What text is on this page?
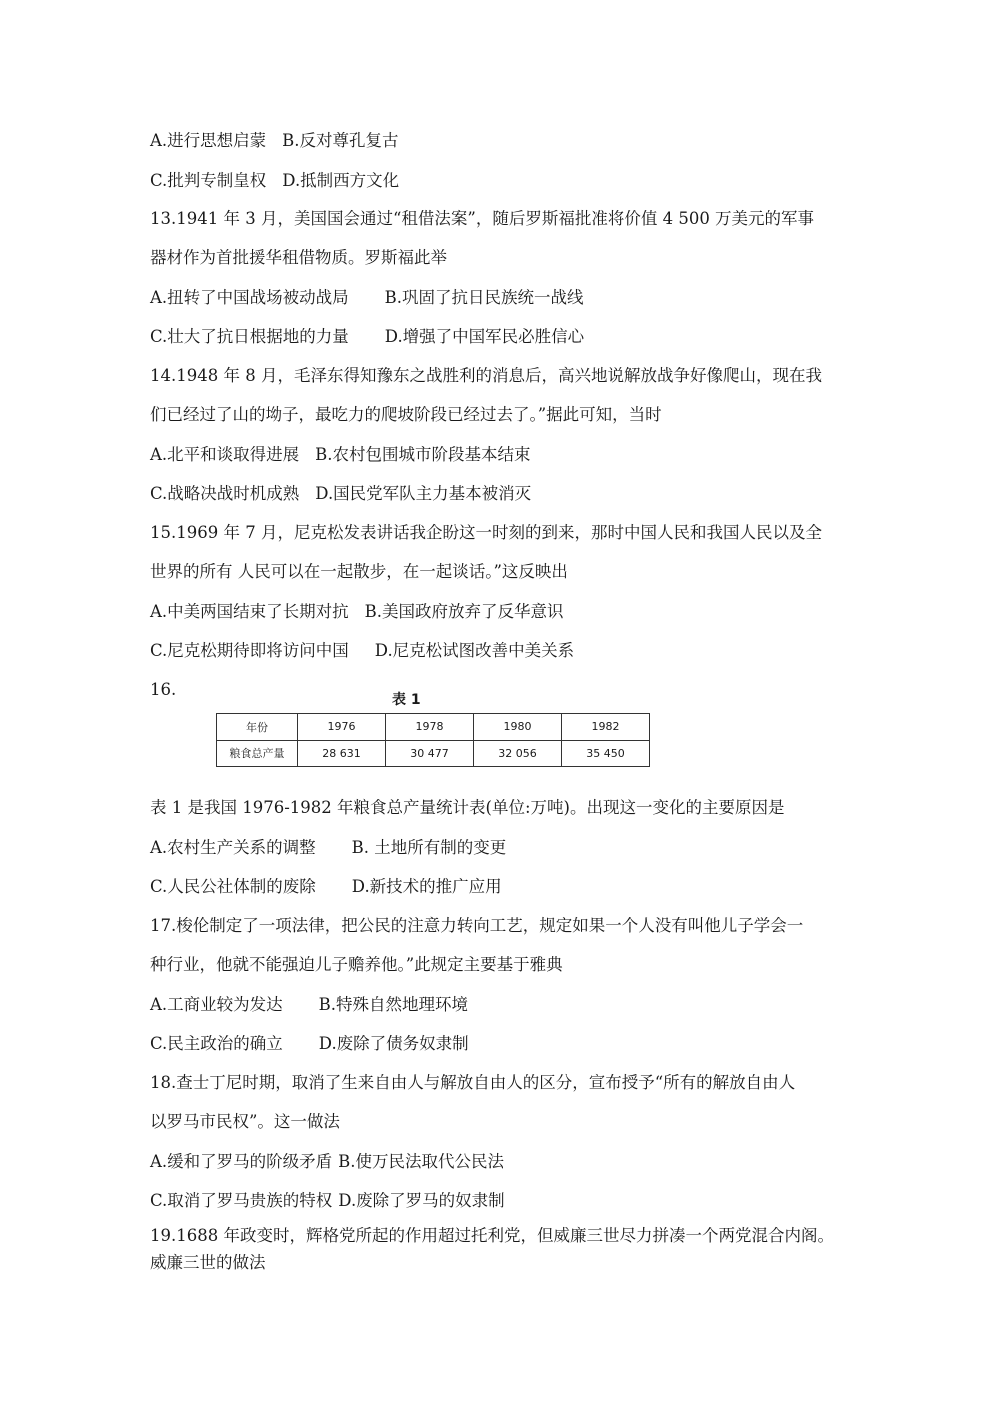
A.进行思想启蒙 B.反对尊孔复古
C.批判专制皇权 D.抵制西方文化
13.1941 年 3 月，美国国会通过“租借法案”，随后罗斯福批准将价值 4 500 万美元的军事
器材作为首批援华租借物质。罗斯福此举
A.扭转了中国战场被动战局 B.巩固了抗日民族统一战线
C.壮大了抗日根据地的力量 D.增强了中国军民必胜信心
14.1948 年 8 月，毛泽东得知豫东之战胜利的消息后，高兴地说解放战争好像爬山，现在我
们已经过了山的坳子，最吃力的爬坡阶段已经过去了。”据此可知，当时
A.北平和谈取得进展 B.农村包围城市阶段基本结束
C.战略决战时机成熟 D.国民党军队主力基本被消灭
15.1969 年 7 月，尼克松发表讲话我企盼这一时刻的到来，那时中国人民和我国人民以及全
世界的所有 人民可以在一起散步，在一起谈话。”这反映出
A.中美两国结束了长期对抗 B.美国政府放弃了反华意识
C.尼克松期待即将访问中国 D.尼克松试图改善中美关系
16.
表 1
年份	1976	1978	1980	1982
粮食总产量	28 631	30 477	32 056	35 450
表 1 是我国 1976-1982 年粮食总产量统计表(单位:万吨)。出现这一变化的主要原因是
A.农村生产关系的调整 B. 土地所有制的变更
C.人民公社体制的废除 D.新技术的推广应用
17.梭伦制定了一项法律，把公民的注意力转向工艺，规定如果一个人没有叫他儿子学会一
种行业，他就不能强迫儿子赡养他。”此规定主要基于雅典
A.工商业较为发达 B.特殊自然地理环境
C.民主政治的确立 D.废除了债务奴隶制
18.查士丁尼时期，取消了生来自由人与解放自由人的区分，宣布授予“所有的解放自由人
以罗马市民权”。这一做法
A.缓和了罗马的阶级矛盾 B.使万民法取代公民法
C.取消了罗马贵族的特权 D.废除了罗马的奴隶制
19.1688 年政变时，辉格党所起的作用超过托利党，但威廉三世尽力拼凑一个两党混合内阁。
威廉三世的做法
